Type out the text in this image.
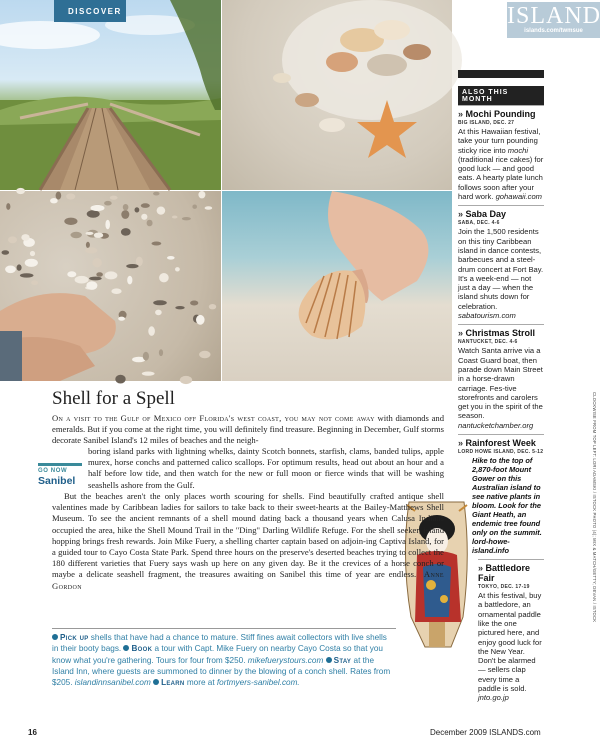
DISCOVER	ISLANDS
islands.com/twmsue
ALSO THIS MONTH
» Mochi Pounding
BIG ISLAND, DEC. 27
At this Hawaiian festival, take your turn pounding sticky rice into mochi (traditional rice cakes) for good luck — and good eats. A hearty plate lunch follows soon after your hard work. gohawaii.com
» Saba Day
SABA, DEC. 4-6
Join the 1,500 residents on this tiny Caribbean island in dance contests, barbecues and a steel-drum concert at Fort Bay. It's a week-end — not just a day — when the island shuts down for celebration. sabatourism.com
» Christmas Stroll
NANTUCKET, DEC. 4-6
Watch Santa arrive via a Coast Guard boat, then parade down Main Street in a horse-drawn carriage. Fes-tive storefronts and carolers get you in the spirit of the season. nantucketchamber.org
» Rainforest Week
LORD HOWE ISLAND, DEC. 5-12
Hike to the top of 2,870-foot Mount Gower on this Australian island to see native plants in bloom. Look for the Giant Heath, an endemic tree found only on the summit. lord-howe-island.info
» Battledore Fair
TOKYO, DEC. 17-19
At this festival, buy a battledore, an ornamental paddle like the one pictured here, and enjoy good luck for the New Year. Don't be alarmed — sellers clap every time a paddle is sold. jnto.go.jp
CLOCKWISE FROM TOP LEFT: LORI ADAMSKI / ISTOCK PHOTO (4); MIX & MATCH/GETTY; DEVAN / ISTOCK
Shell for a Spell
On a visit to the Gulf of Mexico off Florida's west coast, you may not come away with diamonds and emeralds. But if you come at the right time, you will definitely find treasure. Beginning in December, Gulf storms decorate Sanibel Island's 12 miles of beaches and the neigh-
GO NOW
Sanibel
boring island parks with lightning whelks, dainty Scotch bonnets, starfish, clams, banded tulips, apple murex, horse conchs and patterned calico scallops. For optimum results, head out about an hour and a half before low tide, and then watch for the new or full moon or fierce winds that will be washing seashells ashore from the Gulf.
But the beaches aren't the only places worth scouring for shells. Find beautifully crafted antique shell valentines made by Caribbean ladies for sailors to take back to their sweet-hearts at the Bailey-Matthews Shell Museum. To see the ancient remnants of a shell mound dating back a thousand years when Calusa Indians occupied the area, hike the Shell Mound Trail in the "Ding" Darling Wildlife Refuge. For the shell seeker, island hopping brings fresh rewards. Join Mike Fuery, a shelling charter captain based on adjoin-ing Captiva Island, for a guided tour to Cayo Costa State Park. Spend three hours on the preserve's deserted beaches trying to collect the 180 different varieties that Fuery says wash up here on any given day. Be it the crevices of a horse conch or maybe a delicate seashell fragment, the treasures awaiting on Sanibel this time of year are endless. Anne Gordon
Pick up shells that have had a chance to mature. Stiff fines await collectors with live shells in their booty bags. Book a tour with Capt. Mike Fuery on nearby Cayo Costa so that you know what you're gathering. Tours for four from $250. mikefuerystours.com Stay at the Island Inn, where guests are summoned to dinner by the blowing of a conch shell. Rates from $205. islandinnsanibel.com Learn more at fortmyers-sanibel.com.
16	December 2009 ISLANDS.com
